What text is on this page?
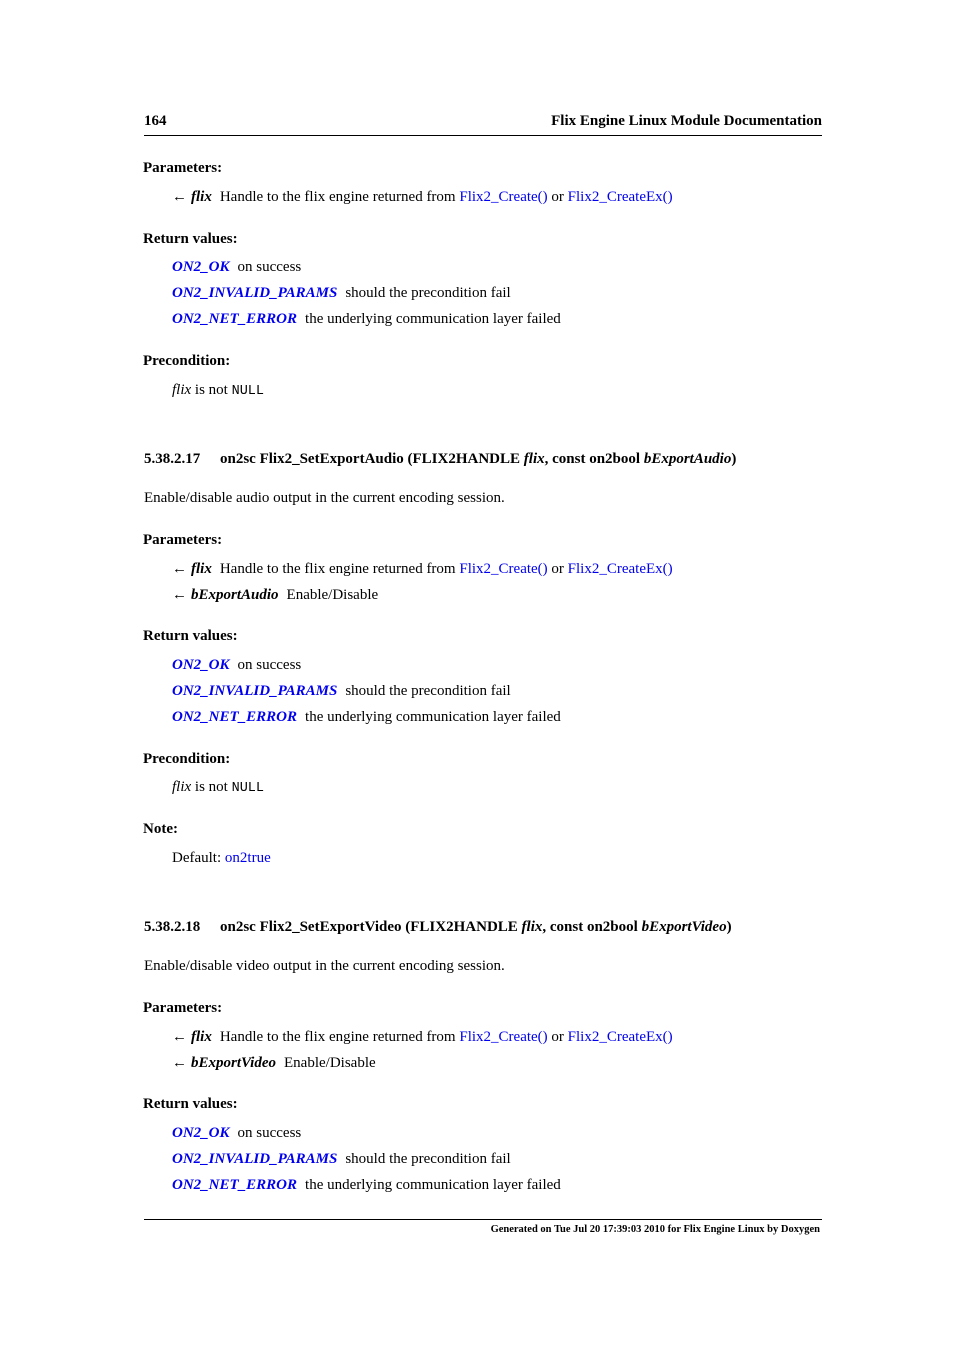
164	Flix Engine Linux Module Documentation
Parameters:
← flix Handle to the flix engine returned from Flix2_Create() or Flix2_CreateEx()
Return values:
ON2_OK on success
ON2_INVALID_PARAMS should the precondition fail
ON2_NET_ERROR the underlying communication layer failed
Precondition:
flix is not NULL
5.38.2.17 on2sc Flix2_SetExportAudio (FLIX2HANDLE flix, const on2bool bExportAudio)
Enable/disable audio output in the current encoding session.
Parameters:
← flix Handle to the flix engine returned from Flix2_Create() or Flix2_CreateEx()
← bExportAudio Enable/Disable
Return values:
ON2_OK on success
ON2_INVALID_PARAMS should the precondition fail
ON2_NET_ERROR the underlying communication layer failed
Precondition:
flix is not NULL
Note:
Default: on2true
5.38.2.18 on2sc Flix2_SetExportVideo (FLIX2HANDLE flix, const on2bool bExportVideo)
Enable/disable video output in the current encoding session.
Parameters:
← flix Handle to the flix engine returned from Flix2_Create() or Flix2_CreateEx()
← bExportVideo Enable/Disable
Return values:
ON2_OK on success
ON2_INVALID_PARAMS should the precondition fail
ON2_NET_ERROR the underlying communication layer failed
Generated on Tue Jul 20 17:39:03 2010 for Flix Engine Linux by Doxygen
